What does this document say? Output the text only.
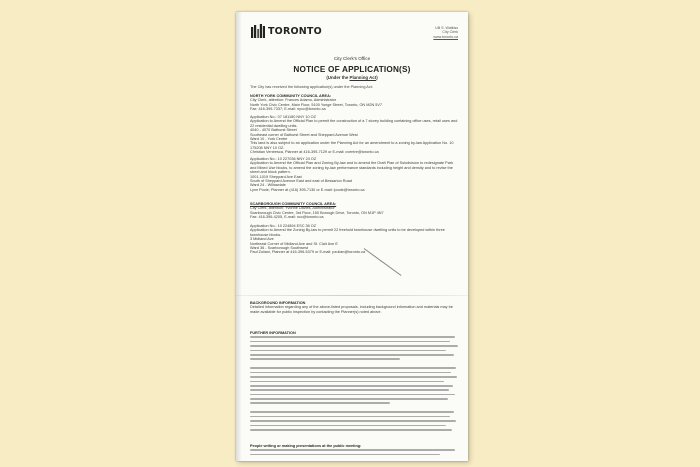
TORONTO	Ulli S. Watkiss
City Clerk
www.toronto.ca
City Clerk's Office
NOTICE OF APPLICATION(S)
(Under the Planning Act)
The City has received the following application(s) under the Planning Act:
NORTH YORK COMMUNITY COUNCIL AREA:
City Clerk, attention: Frances Adamo, Administrator
North York Civic Centre, Main Floor, 5100 Yonge Street, Toronto, ON M2N 5V7
Fax: 416-395-7337; E-mail: nycc@toronto.ca
Application No.: 07 181180 NNY 10 OZ
Application to Amend the Official Plan to permit the construction of a 7 storey building containing office uses, retail uses and 22 residential dwelling units.
4040 - 4070 Bathurst Street
Southeast corner of Bathurst Street and Sheppard Avenue West
Ward 10 - York Centre
This land is also subject to an application under the Planning Act for an amendment to a zoning by-law Application No. 10 175208 NNY 10 OZ.
Christian Ventresca, Planner at 416-395-7129 or E-mail: cventre@toronto.ca
Application No.: 10 227036 NNY 24 OZ
Application to Amend the Official Plan and Zoning By-law and to amend the Draft Plan of Subdivision to redesignate Park and Mixed Use blocks, to amend the zoning by-law performance standards including height and density and to revise the street and block pattern.
1001-1019 Sheppard Ave East
South of Sheppard Avenue East and east of Bessarion Road
Ward 24 - Willowdale
Lynn Poole, Planner at (416) 395-7130 or E-mail: lpoole@toronto.ca
SCARBOROUGH COMMUNITY COUNCIL AREA:
City Clerk, attention: Yvonne Davies, Administrator
Scarborough Civic Centre, 3rd Floor, 150 Borough Drive, Toronto, ON M1P 4N7
Fax: 416-396-4205, E-mail: scc@toronto.ca
Application No.: 10 224894 ESC 36 OZ
Application to Amend the Zoning By-law to permit 22 freehold townhouse dwelling units to be developed within three townhouse blocks.
3 Midland Ave
Northeast Corner of Midland Ave and St. Clair Ave E
Ward 36 - Scarborough Southwest
Paul Zuliani, Planner at 416-396-5379 or E-mail: pzulian@toronto.ca
BACKGROUND INFORMATION
Detailed information regarding any of the above-listed proposals, including background information and materials may be made available for public inspection by contacting the Planner(s) noted above.
FURTHER INFORMATION
People writing or making presentations at the public meeting:
